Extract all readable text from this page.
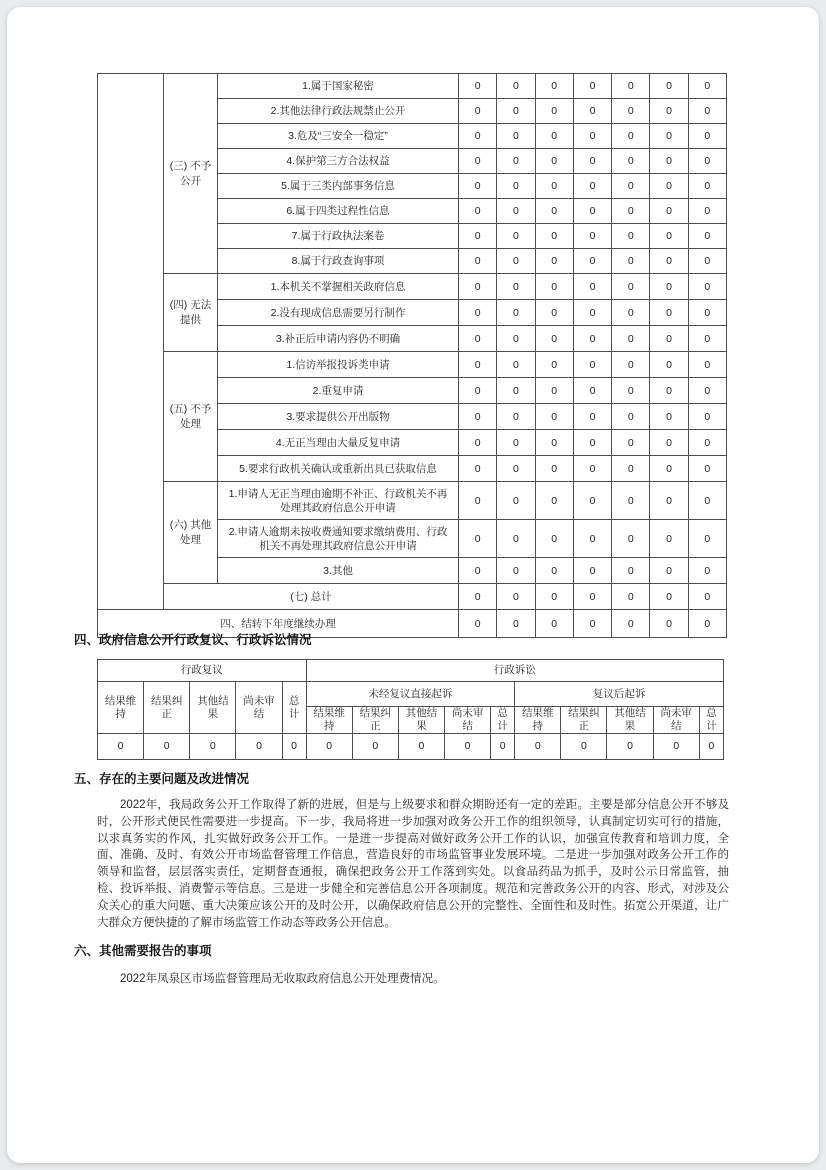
	(三) 不予公开	1.属于国家秘密	0	0	0	0	0	0	0
		2.其他法律行政法规禁止公开	0	0	0	0	0	0	0
		3.危及“三安全一稳定”	0	0	0	0	0	0	0
		4.保护第三方合法权益	0	0	0	0	0	0	0
		5.属于三类内部事务信息	0	0	0	0	0	0	0
		6.属于四类过程性信息	0	0	0	0	0	0	0
		7.属于行政执法案卷	0	0	0	0	0	0	0
		8.属于行政查询事项	0	0	0	0	0	0	0
	(四) 无法提供	1.本机关不掌握相关政府信息	0	0	0	0	0	0	0
		2.没有现成信息需要另行制作	0	0	0	0	0	0	0
		3.补正后申请内容仍不明确	0	0	0	0	0	0	0
	(五) 不予处理	1.信访举报投诉类申请	0	0	0	0	0	0	0
		2.重复申请	0	0	0	0	0	0	0
		3.要求提供公开出版物	0	0	0	0	0	0	0
		4.无正当理由大量反复申请	0	0	0	0	0	0	0
		5.要求行政机关确认或重新出具已获取信息	0	0	0	0	0	0	0
	(六) 其他处理	1.申请人无正当理由逾期不补正、行政机关不再处理其政府信息公开申请	0	0	0	0	0	0	0
		2.申请人逾期未按收费通知要求缴纳费用、行政机关不再处理其政府信息公开申请	0	0	0	0	0	0	0
		3.其他	0	0	0	0	0	0	0
	(七) 总计		0	0	0	0	0	0	0
四、结转下年度继续办理			0	0	0	0	0	0	0
四、政府信息公开行政复议、行政诉讼情况
行政复议					行政诉讼									
结果维持	结果纠正	其他结果	尚未审结	总计	未经复议直接起诉					复议后起诉				
					结果维持	结果纠正	其他结果	尚未审结	总计	结果维持	结果纠正	其他结果	尚未审结	总计
0	0	0	0	0	0	0	0	0	0	0	0	0	0	0
五、存在的主要问题及改进情况

2022年，我局政务公开工作取得了新的进展，但是与上级要求和群众期盼还有一定的差距。主要是部分信息公开不够及时，公开形式便民性需要进一步提高。下一步，我局将进一步加强对政务公开工作的组织领导，认真制定切实可行的措施，以求真务实的作风，扎实做好政务公开工作。一是进一步提高对做好政务公开工作的认识，加强宣传教育和培训力度，全面、准确、及时、有效公开市场监督管理工作信息，营造良好的市场监管事业发展环境。二是进一步加强对政务公开工作的领导和监督，层层落实责任，定期督查通报，确保把政务公开工作落到实处。以食品药品为抓手，及时公示日常监管，抽检、投诉举报、消费警示等信息。三是进一步健全和完善信息公开各项制度。规范和完善政务公开的内容、形式，对涉及公众关心的重大问题、重大决策应该公开的及时公开，以确保政府信息公开的完整性、全面性和及时性。拓宽公开渠道，让广大群众方便快捷的了解市场监管工作动态等政务公开信息。

六、其他需要报告的事项

2022年凤泉区市场监督管理局无收取政府信息公开处理费情况。
